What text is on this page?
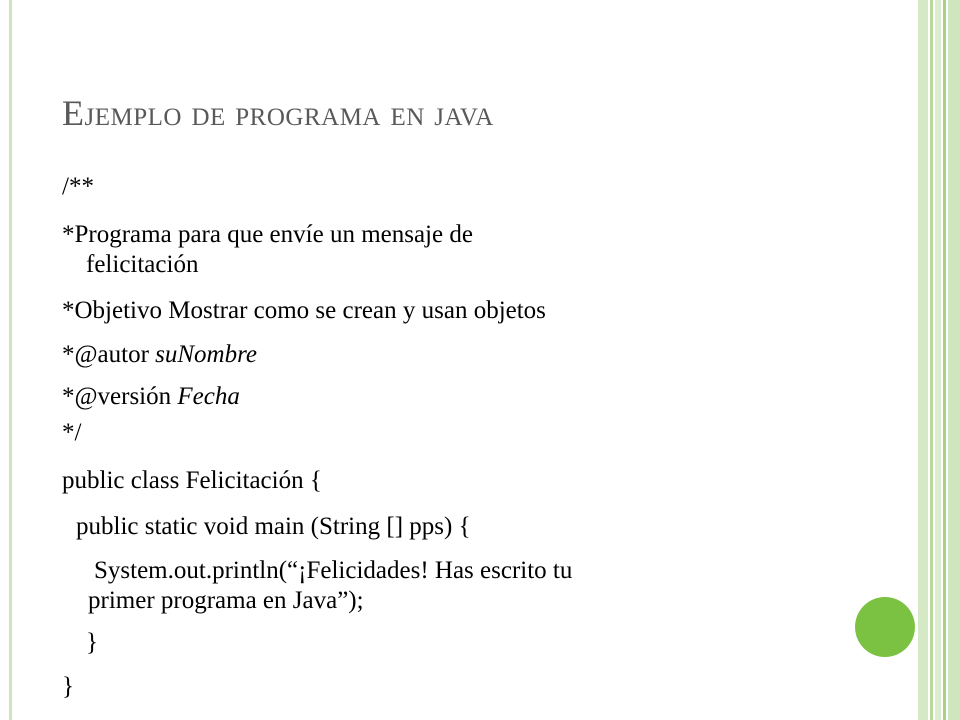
Ejemplo de programa en java
/**
*Programa para que envíe un mensaje de
felicitación
*Objetivo Mostrar como se crean y usan objetos
*@autor suNombre
*@versión Fecha
*/
public class Felicitación {
public static void main (String [] pps) {
System.out.println(“¡Felicidades! Has escrito tu
primer programa en Java”);
}
}
